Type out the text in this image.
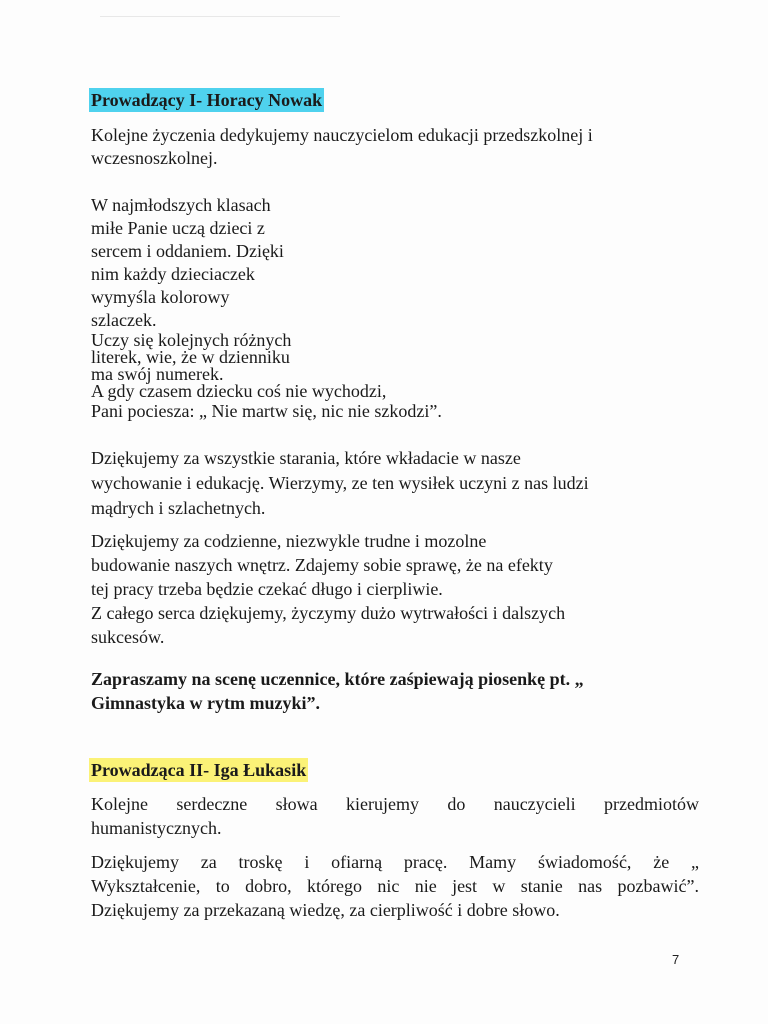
Prowadzący I- Horacy Nowak

Kolejne życzenia dedykujemy nauczycielom edukacji przedszkolnej i
wczesnoszkolnej.

W najmłodszych klasach
miłe Panie uczą dzieci z
sercem i oddaniem. Dzięki
nim każdy dzieciaczek
wymyśla kolorowy
szlaczek.
Uczy się kolejnych różnych
literek, wie, że w dzienniku
ma swój numerek.
A gdy czasem dziecku coś nie wychodzi,
Pani pociesza: „ Nie martw się, nic nie szkodzi”.

Dziękujemy za wszystkie starania, które wkładacie w nasze
wychowanie i edukację. Wierzymy, ze ten wysiłek uczyni z nas ludzi
mądrych i szlachetnych.

Dziękujemy za codzienne, niezwykle trudne i mozolne
budowanie naszych wnętrz. Zdajemy sobie sprawę, że na efekty
tej pracy trzeba będzie czekać długo i cierpliwie.
Z całego serca dziękujemy, życzymy dużo wytrwałości i dalszych
sukcesów.

Zapraszamy na scenę uczennice, które zaśpiewają piosenkę pt. „
Gimnastyka w rytm muzyki”.

Prowadząca II- Iga Łukasik

Kolejne serdeczne słowa kierujemy do nauczycieli przedmiotów
humanistycznych.

Dziękujemy za troskę i ofiarną pracę. Mamy świadomość, że „
Wykształcenie, to dobro, którego nic nie jest w stanie nas pozbawić”.
Dziękujemy za przekazaną wiedzę, za cierpliwość i dobre słowo.

7
